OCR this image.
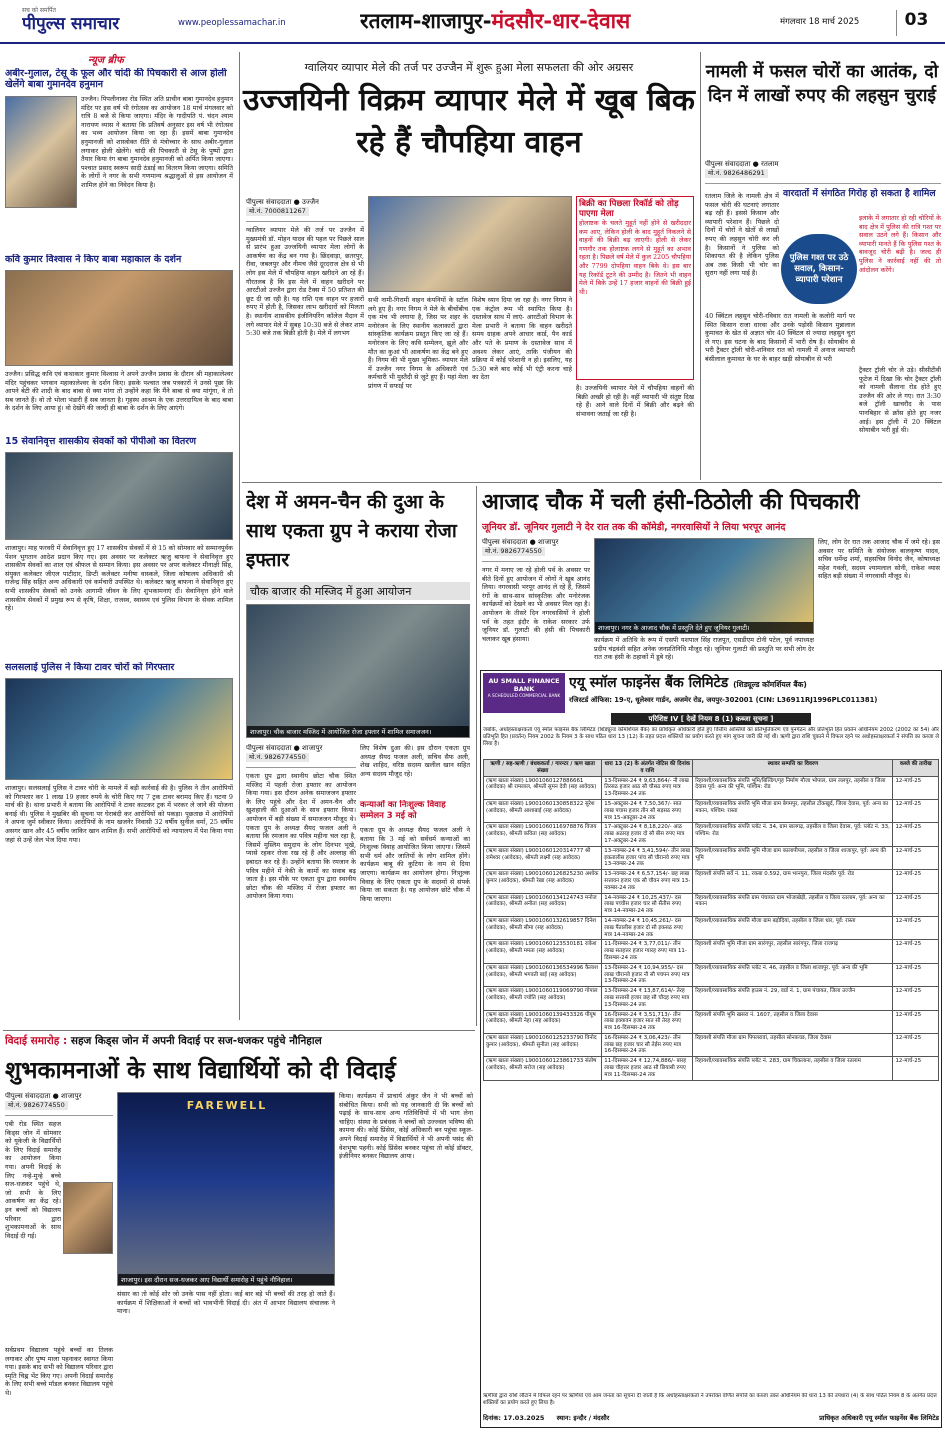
सच को समर्पित
पीपुल्स समाचार	www.peoplessamachar.in	रतलाम-शाजापुर-मंदसौर-धार-देवास	मंगलवार 18 मार्च 2025	03
न्यूज ब्रीफ
अबीर-गुलाल, टेसू के फूल और चांदी की पिचकारी से आज होली खेलेंगे बाबा गुमानदेव हनुमान
उज्जैन। पिपलीनाका रोड स्थित अति प्राचीन बाबा गुमानदेव हनुमान मंदिर पर इस वर्ष भी रंगोत्सव का आयोजन 18 मार्च मंगलवार को रात्रि 8 बजे से किया जाएगा। मंदिर के गादीपति पं. चंदन श्याम नारायण व्यास ने बताया कि प्रतिवर्ष अनुसार इस वर्ष भी रंगोत्सव का भव्य आयोजन किया जा रहा है। इसमें बाबा गुमानदेव हनुमानजी को शास्त्रोक्त रीति से मंत्रोच्चार के साथ अबीर-गुलाल लगाकर होली खेलेंगे। चांदी की पिचकारी से टेसू के पुष्पों द्वारा तैयार किया रंग बाबा गुमानदेव हनुमानजी को अर्पित किया जाएगा। पश्चात प्रसाद स्वरूप सादी ठंडाई का वितरण किया जाएगा। समिति के लोगों ने नगर के सभी गणमान्य श्रद्धालुओं से इस आयोजन में शामिल होने का निवेदन किया है।
कवि कुमार विश्वास ने किए बाबा महाकाल के दर्शन
उज्जैन। प्रसिद्ध कवि एवं कथाकार कुमार विश्वास ने अपने उज्जैन प्रवास के दौरान श्री महाकालेश्वर मंदिर पहुंचकर भगवान महाकालेश्वर के दर्शन किए। इसके पश्चात जब पत्रकारों ने उनसे पूछा कि आपने बेटी की शादी के बाद बाबा से क्या मांगा तो उन्होंने कहा कि मैंने बाबा से क्या मांगूंगा, वे तो सब जानते हैं। वो तो भोला भंडारी हैं सब जानता है। गृहस्थ आश्रम के एक उत्तरदायित्व के बाद बाबा के दर्शन के लिए आया हूं। वो देखेंगे की जल्दी ही बाबा के दर्शन के लिए आएंगे।
15 सेवानिवृत्त शासकीय सेवकों को पीपीओ का वितरण
शाजापुर। माह फरवरी में सेवानिवृत्त हुए 17 शासकीय सेवकों में से 15 को सोमवार को सम्मानपूर्वक पेंशन भुगतान आदेश प्रदान किए गए। इस अवसर पर कलेक्टर ऋजु बाफना ने सेवानिवृत्त हुए शासकीय सेवकों का शाल एवं श्रीफल से सम्मान किया। इस अवसर पर अपर कलेक्टर मीनाक्षी सिंह, संयुक्त कलेक्टर जीएल पाटीदार, डिप्टी कलेक्टर मनीषा वास्कले, जिला कोषालय अधिकारी श्री राजेन्द्र सिंह सहित अन्य अधिकारी एवं कर्मचारी उपस्थित थे। कलेक्टर ऋजु बाफना ने सेवानिवृत्त हुए सभी शासकीय सेवकों को उनके आगामी जीवन के लिए शुभकामनाएं दीं। सेवानिवृत्त होने वाले शासकीय सेवकों में प्रमुख रूप से कृषि, शिक्षा, राजस्व, स्वास्थ्य एवं पुलिस विभाग के सेवक शामिल रहे।
सलसलाई पुलिस ने किया टावर चोरों को गिरफ्तार
शाजापुर। सलसलाई पुलिस ने टावर चोरी के मामले में बड़ी कार्रवाई की है। पुलिस ने तीन आरोपियों को गिरफ्तार कर 1 लाख 19 हजार रुपये के चोरी किए गए 7 ट्रक टावर बरामद किए हैं। घटना 9 मार्च की है। थाना प्रभारी ने बताया कि आरोपियों ने टावर काटकर ट्रक में भरकर ले जाने की योजना बनाई थी। पुलिस ने मुखबिर की सूचना पर घेराबंदी कर आरोपियों को पकड़ा। पूछताछ में आरोपियों ने अपना जुर्म स्वीकार किया। आरोपियों के नाम खजनेर निवासी 32 वर्षीय सुनील वर्मा, 25 वर्षीय असगर खान और 45 वर्षीय जाकिर खान शामिल हैं। सभी आरोपियों को न्यायालय में पेश किया गया जहां से उन्हें जेल भेज दिया गया।
ग्वालियर व्यापार मेले की तर्ज पर उज्जैन में शुरू हुआ मेला सफलता की ओर अग्रसर
उज्जयिनी विक्रम व्यापार मेले में खूब बिक रहे हैं चौपहिया वाहन
पीपुल्स संवाददाता ● उज्जैन
मो.नं. 7000811267
ग्वालियर व्यापार मेले की तर्ज पर उज्जैन में मुख्यमंत्री डॉ. मोहन यादव की पहल पर पिछले साल से प्रारंभ हुआ उज्जयिनी व्यापार मेला लोगों के आकर्षण का केंद्र बन गया है। छिंदवाड़ा, छतरपुर, रीवा, जबलपुर और नीमच जैसे दूरदराज क्षेत्र से भी लोग इस मेले में चौपहिया वाहन खरीदने आ रहे हैं। गौरतलब है कि इस मेले में वाहन खरीदने पर आरटीओ उज्जैन द्वारा रोड टैक्स में 50 प्रतिशत की छूट दी जा रही है। यह राशि एक वाहन पर हजारों रुपए में होती है, जिसका लाभ खरीदारों को मिलता है। स्थानीय शासकीय इंजीनियरिंग कॉलेज मैदान में लगे व्यापार मेले में सुबह 10:30 बजे से लेकर शाम 5:30 बजे तक बिक्री होती है। मेले में लगभग
सभी नामी-गिरामी वाहन कंपनियों के स्टॉल लगे हुए हैं। नगर निगम ने मेले के बीचोंबीच एक मंच भी लगाया है, जिस पर शहर के मनोरंजन के लिए स्थानीय कलाकारों द्वारा सांस्कृतिक कार्यक्रम प्रस्तुत किए जा रहे हैं। मनोरंजन के लिए कवि सम्मेलन, झूले और मौत का कुआं भी आकर्षण का केंद्र बने हुए हैं। निगम की भी मुख्य भूमिका- व्यापार मेले में उज्जैन नगर निगम के अधिकारी एवं कर्मचारी भी मुस्तैदी से जुटे हुए हैं। यहां मेला प्रांगण में सफाई पर
विशेष ध्यान दिया जा रहा है। नगर निगम ने एक कंट्रोल रूम भी स्थापित किया है। दस्तावेज साथ में लाएं- आरटीओ विभाग के मेला प्रभारी ने बताया कि वाहन खरीदते समय ग्राहक अपने आधार कार्ड, पैन कार्ड और पते के प्रमाण के दस्तावेज साथ में अवश्य लेकर आएं, ताकि पंजीयन की प्रक्रिया में कोई परेशानी न हो। इसलिए, यह 5:30 बजे बाद कोई भी एंट्री करना चाहे का देता
बिक्री का पिछला रिकॉर्ड को तोड़ पाएगा मेला
होलाष्टक के चलते मुहूर्त नहीं होने से खरीददार कम आए, लेकिन होली के बाद मुहूर्त निकलने से वाहनों की बिक्री बढ़ जाएगी। होली से लेकर गणगौर तक होलाष्टक लगने से मुहूर्त का अभाव रहता है। पिछले वर्ष मेले में कुल 2205 चौपहिया और 7799 दोपहिया वाहन बिके थे। इस बार यह रिकॉर्ड टूटने की उम्मीद है। जितने भी वाहन मेले में बिके उन्हें 17 हजार वाहनों की बिक्री हुई थी।
है। उज्जयिनी व्यापार मेले में चौपहिया वाहनों की बिक्री अच्छी हो रही है। वहीं व्यापारी भी संतुष्ट दिख रहे हैं। आने वाले दिनों में बिक्री और बढ़ने की संभावना जताई जा रही है।
नामली में फसल चोरों का आतंक, दो दिन में लाखों रुपए की लहसुन चुराई
पीपुल्स संवाददाता ● रतलाम
मो.नं. 9826486291
रतलाम जिले के नामली क्षेत्र में फसल चोरी की घटनाएं लगातार बढ़ रही हैं। इससे किसान और व्यापारी परेशान हैं। पिछले दो दिनों में चोरों ने खेतों से लाखों रुपए की लहसुन चोरी कर ली है। किसानों ने पुलिस को शिकायत की है लेकिन पुलिस अब तक किसी भी चोर का सुराग नहीं लगा पाई है।
वारदातों में संगठित गिरोह हो सकता है शामिल
इलाके में लगातार हो रही चोरियों के बाद क्षेत्र में पुलिस की रात्रि गश्त पर सवाल उठने लगे हैं। किसान और व्यापारी मानते हैं कि पुलिस गश्त के बावजूद चोरी बढ़ी है। जल्द ही पुलिस ने कार्रवाई नहीं की तो आंदोलन करेंगे।
पुलिस गश्त पर उठे सवाल, किसान-व्यापारी परेशान
40 क्विंटल लहसुन चोरी-रविवार रात नामली के कलोरी मार्ग पर स्थित किसान राजा धारवा और उनके पड़ोसी किसान मुन्नालाल कुमावत के खेत से अज्ञात चोर 40 क्विंटल से ज्यादा लहसुन चुरा ले गए। इस घटना के बाद किसानों में भारी रोष है। सोयाबीन से भरी ट्रैक्टर ट्रॉली चोरी-शनिवार रात को नामली में अनाज व्यापारी बंसीलाल कुमावत के घर के बाहर खड़ी सोयाबीन से भरी
ट्रैक्टर ट्रॉली चोर ले उड़े। सीसीटीवी फुटेज में दिखा कि चोर ट्रैक्टर ट्रॉली को नामली सैलाना रोड होते हुए उज्जैन की ओर ले गए। रात 3:30 बजे ट्रॉली खाचरौद के पास पानबिहार से क्रॉस होते हुए नजर आई। इस ट्रॉली में 20 क्विंटल सोयाबीन भरी हुई थी।
देश में अमन-चैन की दुआ के साथ एकता ग्रुप ने कराया रोजा इफ्तार
चौक बाजार की मस्जिद में हुआ आयोजन
शाजापुर। चौक बाजार मस्जिद में आयोजित रोजा इफ्तार में शामिल समाजजन।
पीपुल्स संवाददाता ● शाजापुर
मो.नं. 9826774550
एकता ग्रुप द्वारा स्थानीय छोटा चौक स्थित मस्जिद में पहली रोजा इफ्तार का आयोजन किया गया। इस दौरान अनेक समाजजन इफ्तार के लिए पहुंचे और देश में अमन-चैन और खुशहाली की दुआओं के साथ इफ्तार किया। आयोजन में बड़ी संख्या में समाजजन मौजूद थे। एकता ग्रुप के अध्यक्ष सैयद फजल अली ने बताया कि रमजान का पवित्र महीना चल रहा है, जिसमें मुस्लिम समुदाय के लोग दिनभर भूखे, प्यासे रहकर रोजा रख रहे हैं और अल्लाह की इबादत कर रहे हैं। उन्होंने बताया कि रमजान के पवित्र महीने में नेकी के कामों का सवाब बढ़ जाता है। इस मौके पर एकता ग्रुप द्वारा स्थानीय छोटा चौक की मस्जिद में रोजा इफ्तार का आयोजन किया गया।
लिए विशेष दुआ की। इस दौरान एकता ग्रुप अध्यक्ष सैयद फजल अली, सचिव सैफ अली, शेख शाहिद, वरिष्ठ सदस्य खलील खान सहित अन्य सदस्य मौजूद रहे।
कन्याओं का निःशुल्क विवाह सम्मेलन 3 मई को
एकता ग्रुप के अध्यक्ष सैयद फजल अली ने बताया कि 3 मई को सर्वधर्म कन्याओं का निःशुल्क विवाह आयोजित किया जाएगा। जिसमें सभी धर्म और जातियों के लोग शामिल होंगे। कार्यक्रम बाबू की कुटिया के नाम से दिया जाएगा। कार्यक्रम का आयोजन होगा। निःशुल्क विवाह के लिए एकता ग्रुप के सदस्यों से संपर्क किया जा सकता है। यह आयोजन छोटे चौक में किया जाएगा।
आजाद चौक में चली हंसी-ठिठोली की पिचकारी
जूनियर डॉ. जूनियर गुलाटी ने देर रात तक की कॉमेडी, नगरवासियों ने लिया भरपूर आनंद
पीपुल्स संवाददाता ● शाजापुर
मो.नं. 9826774550
नगर में मनाए जा रहे होली पर्व के अवसर पर बीते दिनों हुए आयोजन में लोगों ने खूब आनंद लिया। नगरवासी भरपूर आनंद ले रहे हैं, जिसमें रंगों के साथ-साथ सांस्कृतिक और मनोरंजक कार्यक्रमों को देखने का भी अवसर मिल रहा है। आयोजन के तीसरे दिन नगरवासियों ने होली पर्व के तहत इंदौर के राकेश सरकार उर्फ जूनियर डॉ. गुलाटी की हंसी की पिचकारी चलाकर खूब हंसाया।
शाजापुर। नगर के आजाद चौक में प्रस्तुति देते हुए जूनियर गुलाटी।
कार्यक्रम में अतिथि के रूप में एसपी यशपाल सिंह राजपूत, एसडीएम टोनी पटेल, पूर्व नपाध्यक्ष प्रदीप चंद्रवंशी सहित अनेक जनप्रतिनिधि मौजूद रहे। जूनियर गुलाटी की प्रस्तुति पर सभी लोग देर रात तक हंसी के ठहाकों में डूबे रहे।
लिए, लोग देर रात तक आजाद चौक में जमे रहे। इस अवसर पर समिति के संयोजक बालकृष्ण यादव, सचिव धर्मेन्द्र शर्मा, सहसचिव विनोद जैन, कोषाध्यक्ष महेश गवली, सदस्य श्यामलाल सोनी, राकेश व्यास सहित बड़ी संख्या में नगरवासी मौजूद थे।
AU SMALL FINANCE BANK
A SCHEDULED COMMERCIAL BANK
एयू स्मॉल फाइनेंस बैंक लिमिटेड (शिड्यूल्ड कॉमर्शियल बैंक)
रजिस्टर्ड ऑफिस: 19-ए, धूलेश्वर गार्डन, अजमेर रोड, जयपुर-302001 (CIN: L36911RJ1996PLC011381)
परिशिष्ट IV [ देखें नियम 8 (1) कब्जा सूचना ]
जबकि, अधोहस्ताक्षरकर्ता एयू स्मॉल फाइनेंस बैंक लिमिटेड (शिड्यूल्ड कॉमर्शियल बैंक) का प्राधिकृत अधिकारी होते हुए वित्तीय आस्तियों का प्रतिभूतिकरण एवं पुनर्गठन और प्रतिभूति हित प्रवर्तन अधिनियम 2002 (2002 का 54) और प्रतिभूति हित (प्रवर्तन) नियम 2002 के नियम 3 के साथ पठित धारा 13 (12) के तहत प्रदत्त शक्तियों का प्रयोग करते हुए मांग सूचना जारी की गई थी। ऋणी द्वारा राशि चुकाने में विफल रहने पर अधोहस्ताक्षरकर्ता ने संपत्ति का कब्जा ले लिया है।
ऋणी / सह-ऋणी / बंधककर्ता / गारन्टर / ऋण खाता संख्या	धारा 13 (2) के अंतर्गत नोटिस की दिनांक व राशि	स्थावर सम्पत्ति का विवरण	कब्जे की तारीख
(ऋण खाता संख्या) L9001060127886661 (आवेदक) श्री रामलाल, श्रीमती सुमन देवी (सह आवेदक)	13-दिसम्बर-24 ₹ 9,63,864/- नौ लाख तिरसठ हजार आठ सौ चौसठ रुपए मात्र 13-दिसम्बर-24 तक	रिहायशी/व्यावसायिक संपत्ति भूमि/बिल्डिंग/गृह निर्माण मौजा भोपाल, ग्राम ललपुर, तहसील व जिला देवास पूर्व: अन्य की भूमि, पश्चिम: रोड	12-मार्च-25
(ऋण खाता संख्या) L9001060130858322 सुरेश (आवेदक), श्रीमती आशाबाई (सह आवेदक)	15-अक्टूबर-24 ₹ 7,50,367/- सात लाख पचास हजार तीन सौ सड़सठ रुपए मात्र 15-अक्टूबर-24 तक	रिहायशी/व्यावसायिक संपत्ति भूमि मौजा ग्राम बेगमपुर, तहसील टोंकखुर्द, जिला देवास, पूर्व: अन्य का मकान, पश्चिम: रास्ता	12-मार्च-25
(ऋण खाता संख्या) L9001060116978876 विजय (आवेदक), श्रीमती कविता (सह आवेदक)	17-अक्टूबर-24 ₹ 8,18,220/- आठ लाख अठारह हजार दो सौ बीस रुपए मात्र 17-अक्टूबर-24 तक	रिहायशी/व्यावसायिक संपत्ति प्लॉट नं. 34, ग्राम बालगढ़, तहसील व जिला देवास, पूर्व: प्लॉट नं. 33, पश्चिम: रोड	12-मार्च-25
(ऋण खाता संख्या) L9001060120314777 श्री रामेश्वर (आवेदक), श्रीमती लक्ष्मी (सह आवेदक)	13-नवम्बर-24 ₹ 3,41,594/- तीन लाख इकतालीस हजार पांच सौ चौरानवे रुपए मात्र 13-नवम्बर-24 तक	रिहायशी/व्यावसायिक संपत्ति भूमि मौजा ग्राम कालापीपल, तहसील व जिला शाजापुर, पूर्व: अन्य की भूमि	12-मार्च-25
(ऋण खाता संख्या) L9001060126825230 अशोक कुमार (आवेदक), श्रीमती रेखा (सह आवेदक)	13-नवम्बर-24 ₹ 6,57,154/- छह लाख सत्तावन हजार एक सौ चौवन रुपए मात्र 13-नवम्बर-24 तक	रिहायशी संपत्ति सर्वे नं. 11, रकबा 0.592, ग्राम भानपुरा, जिला मंदसौर पूर्व: रोड	12-मार्च-25
(ऋण खाता संख्या) L9001060134124743 मनोज (आवेदक), श्रीमती अनीता (सह आवेदक)	14-नवम्बर-24 ₹ 10,25,437/- दस लाख पच्चीस हजार चार सौ सैंतीस रुपए मात्र 14-नवम्बर-24 तक	रिहायशी/व्यावसायिक संपत्ति ग्राम पंचायत ग्राम भोजाखेड़ी, तहसील व जिला रतलाम, पूर्व: अन्य का मकान	12-मार्च-25
(ऋण खाता संख्या) L9001060132619857 दिनेश (आवेदक), श्रीमती सीमा (सह आवेदक)	14-नवम्बर-24 ₹ 10,45,261/- दस लाख पैंतालीस हजार दो सौ इकसठ रुपए मात्र 14-नवम्बर-24 तक	रिहायशी/व्यावसायिक संपत्ति मौजा ग्राम बड़ोदिया, तहसील व जिला धार, पूर्व: रास्ता	12-मार्च-25
(ऋण खाता संख्या) L9001060123530181 राकेश (आवेदक), श्रीमती ममता (सह आवेदक)	11-दिसम्बर-24 ₹ 3,77,011/- तीन लाख सतहत्तर हजार ग्यारह रुपए मात्र 11-दिसम्बर-24 तक	रिहायशी संपत्ति भूमि मौजा ग्राम सारंगपुर, तहसील सारंगपुर, जिला राजगढ़	12-मार्च-25
(ऋण खाता संख्या) L9001060136534996 कैलाश (आवेदक), श्रीमती भगवती बाई (सह आवेदक)	13-दिसम्बर-24 ₹ 10,94,955/- दस लाख चौरानवे हजार नौ सौ पचपन रुपए मात्र 13-दिसम्बर-24 तक	रिहायशी/व्यावसायिक संपत्ति प्लॉट नं. 46, तहसील व जिला शाजापुर, पूर्व: अन्य की भूमि	12-मार्च-25
(ऋण खाता संख्या) L9001060119069790 गोपाल (आवेदक), श्रीमती ज्योति (सह आवेदक)	13-दिसम्बर-24 ₹ 13,87,614/- तेरह लाख सत्तासी हजार छह सौ चौदह रुपए मात्र 13-दिसम्बर-24 तक	रिहायशी/व्यावसायिक संपत्ति हाउस नं. 29, वार्ड नं. 1, ग्राम पंचायत, जिला उज्जैन	12-मार्च-25
(ऋण खाता संख्या) L9001060139433326 पीयूष (आवेदक), श्रीमती नेहा (सह आवेदक)	16-दिसम्बर-24 ₹ 3,51,713/- तीन लाख इक्यावन हजार सात सौ तेरह रुपए मात्र 16-दिसम्बर-24 तक	रिहायशी संपत्ति भूमि खसरा नं. 1607, तहसील व जिला देवास	12-मार्च-25
(ऋण खाता संख्या) L9001060125233790 विनोद कुमार (आवेदक), श्रीमती सुनीता (सह आवेदक)	16-दिसम्बर-24 ₹ 3,06,423/- तीन लाख छह हजार चार सौ तेईस रुपए मात्र 16-दिसम्बर-24 तक	रिहायशी संपत्ति मौजा ग्राम पिपलरावां, तहसील सोनकच्छ, जिला देवास	12-मार्च-25
(ऋण खाता संख्या) L9001060123861733 संतोष (आवेदक), श्रीमती सरोज (सह आवेदक)	11-दिसम्बर-24 ₹ 12,74,886/- बारह लाख चौहत्तर हजार आठ सौ छियासी रुपए मात्र 11-दिसम्बर-24 तक	रिहायशी/व्यावसायिक संपत्ति प्लॉट नं. 283, ग्राम चिकलाना, तहसील व जिला रतलाम	12-मार्च-25
ऋणीयों द्वारा राशि लौटाने में विफल रहने पर ऋणियों एवं आम जनता को सूचना दी जाती है कि अधोहस्ताक्षरकर्ता ने उपरोक्त वर्णित संपत्ति का कब्जा उक्त अधिनियम की धारा 13 की उपधारा (4) के साथ पठित नियम 8 के अंतर्गत प्रदत्त शक्तियों का प्रयोग करते हुए लिया है।
दिनांक: 17.03.2025 स्थान: इन्दौर / मंदसौर	प्राधिकृत अधिकारी एयू स्मॉल फाइनेंस बैंक लिमिटेड
विदाई समारोह : सहज किड्स जोन में अपनी विदाई पर सज-धजकर पहुंचे नौनिहाल
शुभकामनाओं के साथ विद्यार्थियों को दी विदाई
पीपुल्स संवाददाता ● शाजापुर
मो.नं. 9826774550
एबी रोड स्थित सहज किड्स जोन में सोमवार को यूकेजी के विद्यार्थियों के लिए विदाई समारोह का आयोजन किया गया। अपनी विदाई के लिए नन्हे-मुन्हे बच्चे सज-धजकर पहुंचे थे, जो सभी के लिए आकर्षण का केंद्र रहे। इन बच्चों को विद्यालय परिवार द्वारा शुभकामनाओं के साथ विदाई दी गई।
FAREWELL
शाजापुर। इस दौरान सज-धजकर आए विद्यार्थी समारोह में पहुंचे नौनिहाल।
सर्वप्रथम विद्यालय पहुंचे बच्चों का तिलक लगाकर और पुष्प माला पहनाकर स्वागत किया गया। इसके बाद सभी को विद्यालय परिवार द्वारा स्मृति चिह्न भेंट किए गए। अपनी विदाई समारोह के लिए सभी बच्चे मॉडल बनकर विद्यालय पहुंचे थे।
किया। कार्यक्रम में प्राचार्य अंकुर जैन ने भी बच्चों को संबोधित किया। सभी को यह जानकारी दी कि बच्चों को पढ़ाई के साथ-साथ अन्य गतिविधियों में भी भाग लेना चाहिए। संस्था के प्रबंधक ने बच्चों को उज्ज्वल भविष्य की कामना की। कोई प्रिंसेस, कोई अधिकारी बन पहुंचा स्कूल- अपने विदाई समारोह में विद्यार्थियों ने भी अपनी पसंद की वेशभूषा पहनी। कोई प्रिंसेस बनकर पहुंचा तो कोई डॉक्टर, इंजीनियर बनकर विद्यालय आया।
संसार का तो कोई शोर जो उनके पास नहीं होता। कई बार बड़े भी बच्चों की तरह हो जाते हैं। कार्यक्रम में शिक्षिकाओं ने बच्चों को भावभीनी विदाई दी। अंत में आभार विद्यालय संचालक ने माना।
